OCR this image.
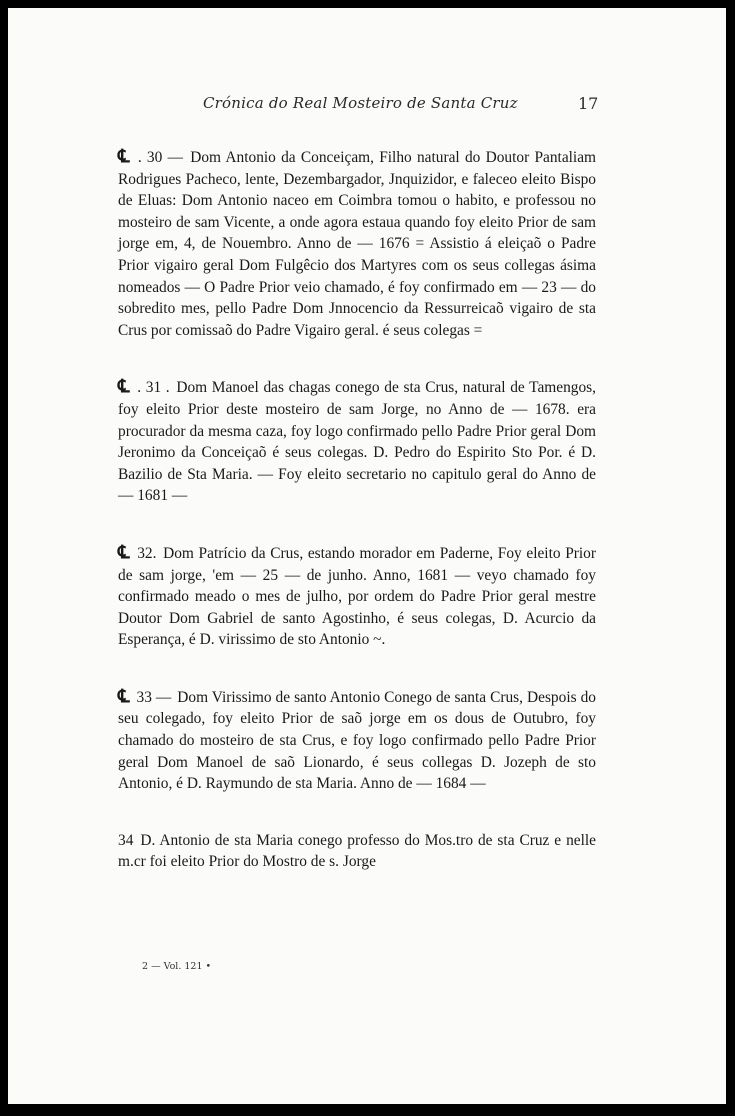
Crónica do Real Mosteiro de Santa Cruz	17

℄ . 30 — Dom Antonio da Conceiçam, Filho natural do Doutor Pantaliam Rodrigues Pacheco, lente, Dezembargador, Jnquizidor, e faleceo eleito Bispo de Eluas: Dom Antonio naceo em Coimbra tomou o habito, e professou no mosteiro de sam Vicente, a onde agora estaua quando foy eleito Prior de sam jorge em, 4, de Nouembro. Anno de — 1676 = Assistio á eleiçaõ o Padre Prior vigairo geral Dom Fulgêcio dos Martyres com os seus collegas ásima nomeados — O Padre Prior veio chamado, é foy confirmado em — 23 — do sobredito mes, pello Padre Dom Jnnocencio da Ressurreicaõ vigairo de sta Crus por comissaõ do Padre Vigairo geral. é seus colegas =

℄ . 31 . Dom Manoel das chagas conego de sta Crus, natural de Tamengos, foy eleito Prior deste mosteiro de sam Jorge, no Anno de — 1678. era procurador da mesma caza, foy logo confirmado pello Padre Prior geral Dom Jeronimo da Conceiçaõ é seus colegas. D. Pedro do Espirito Sto Por. é D. Bazilio de Sta Maria. — Foy eleito secretario no capitulo geral do Anno de — 1681 —

℄ 32. Dom Patrício da Crus, estando morador em Paderne, Foy eleito Prior de sam jorge, 'em — 25 — de junho. Anno, 1681 — veyo chamado foy confirmado meado o mes de julho, por ordem do Padre Prior geral mestre Doutor Dom Gabriel de santo Agostinho, é seus colegas, D. Acurcio da Esperança, é D. virissimo de sto Antonio ~.

℄ 33 — Dom Virissimo de santo Antonio Conego de santa Crus, Despois do seu colegado, foy eleito Prior de saõ jorge em os dous de Outubro, foy chamado do mosteiro de sta Crus, e foy logo confirmado pello Padre Prior geral Dom Manoel de saõ Lionardo, é seus collegas D. Jozeph de sto Antonio, é D. Raymundo de sta Maria. Anno de — 1684 —

34 D. Antonio de sta Maria conego professo do Mos.tro de sta Cruz e nelle m.cr foi eleito Prior do Mostro de s. Jorge

2 — Vol. 121 •
